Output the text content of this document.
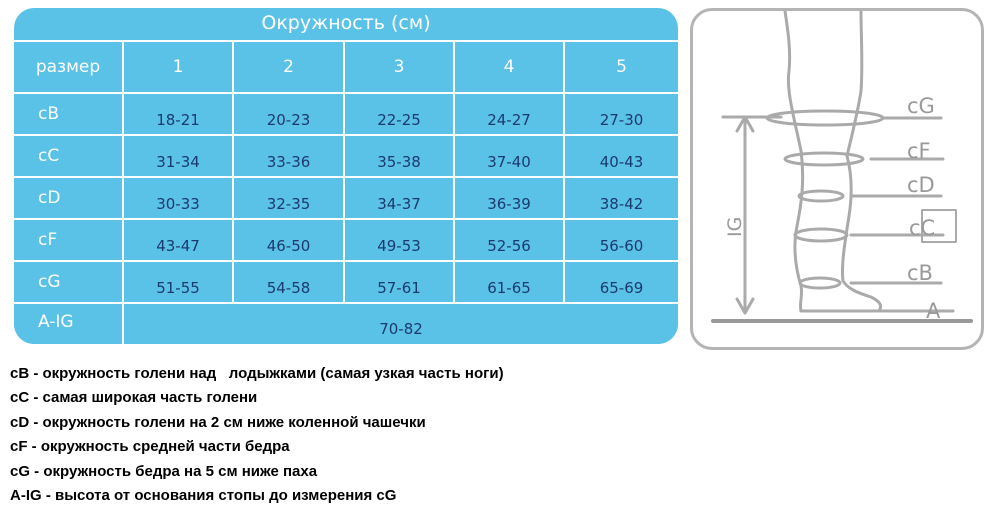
Окружность (см)
размер	1	2	3	4	5
cB	18-21	20-23	22-25	24-27	27-30
cC	31-34	33-36	35-38	37-40	40-43
cD	30-33	32-35	34-37	36-39	38-42
cF	43-47	46-50	49-53	52-56	56-60
cG	51-55	54-58	57-61	61-65	65-69
A-IG	70-82
cG
cF
cD
cC
cB
A
IG
cB - окружность голени над   лодыжками (самая узкая часть ноги)
cC - самая широкая часть голени
cD - окружность голени на 2 см ниже коленной чашечки
cF - окружность средней части бедра
cG - окружность бедра на 5 см ниже паха
A-IG - высота от основания стопы до измерения cG
